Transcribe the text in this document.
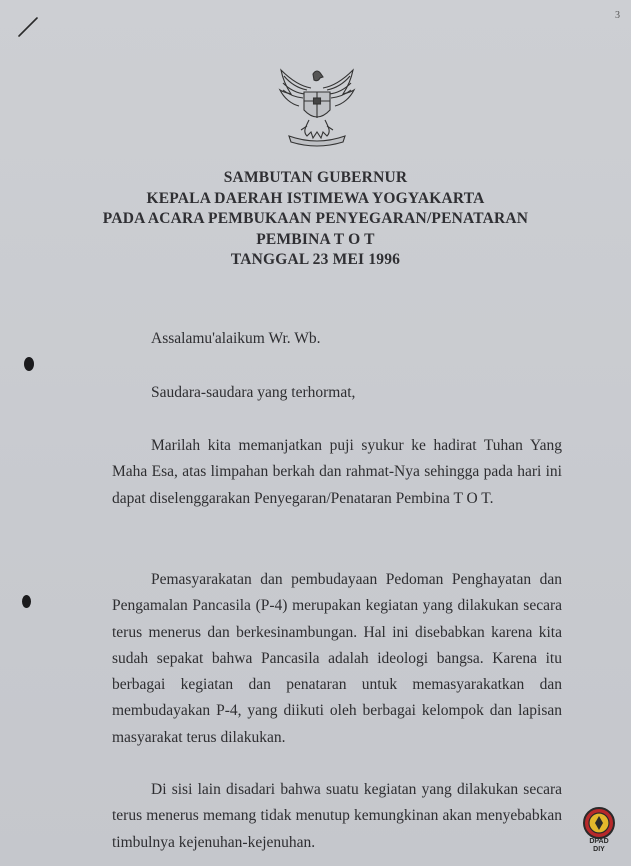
3
SAMBUTAN GUBERNUR
KEPALA DAERAH ISTIMEWA YOGYAKARTA
PADA ACARA PEMBUKAAN PENYEGARAN/PENATARAN
PEMBINA T O T
TANGGAL 23 MEI 1996
Assalamu'alaikum Wr. Wb.
Saudara-saudara yang terhormat,
Marilah kita memanjatkan puji syukur ke hadirat Tuhan Yang Maha Esa, atas limpahan berkah dan rahmat-Nya sehingga pada hari ini dapat diselenggarakan Penyegaran/Penataran Pembina T O T.
Pemasyarakatan dan pembudayaan Pedoman Penghayatan dan Pengamalan Pancasila (P-4) merupakan kegiatan yang dilakukan secara terus menerus dan berkesinambungan. Hal ini disebabkan karena kita sudah sepakat bahwa Pancasila adalah ideologi bangsa. Karena itu berbagai kegiatan dan penataran untuk memasyarakatkan dan membudayakan P-4, yang diikuti oleh berbagai kelompok dan lapisan masyarakat terus dilakukan.
Di sisi lain disadari bahwa suatu kegiatan yang dilakukan secara terus menerus memang tidak menutup kemungkinan akan menyebabkan timbulnya kejenuhan-kejenuhan.	DPAD
DIY
